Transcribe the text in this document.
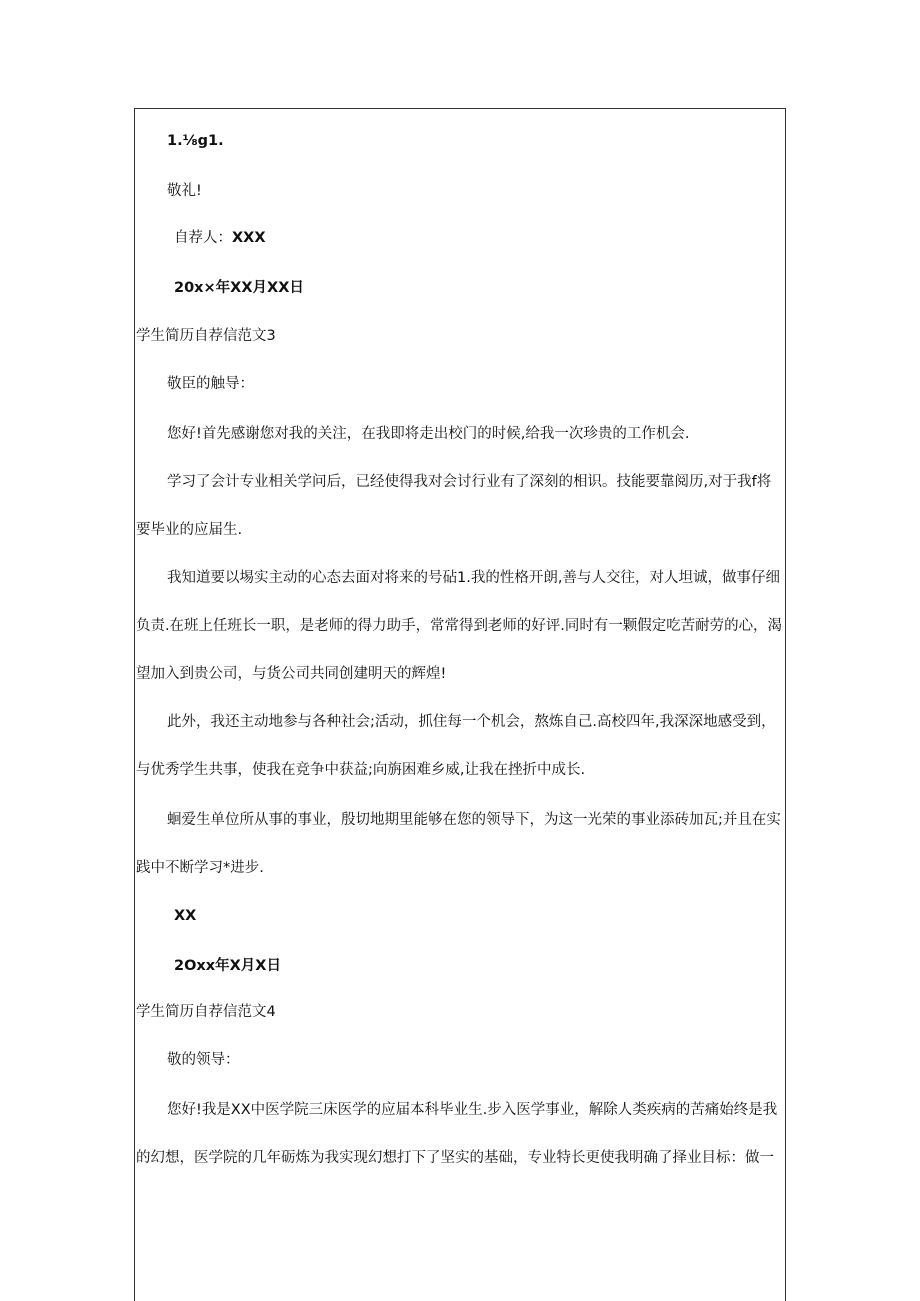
1.⅛g1.
敬礼!
自荐人：XXX
20x×年XX月XX日
学生简历自荐信范文3
敬臣的触导：
您好!首先感谢您对我的关注，在我即将走出校门的时候,给我一次珍贵的工作机会.
学习了会计专业相关学问后，已经使得我对会讨行业有了深刻的相识。技能要靠阅历,对于我f将
要毕业的应届生.
我知道要以埸实主动的心态去面对将来的号砧1.我的性格开朗,善与人交往，对人坦诚，做事仔细
负责.在班上任班长一职，是老师的得力助手，常常得到老师的好评.同时有一颗假定吃苦耐劳的心，渴
望加入到贵公司，与货公司共同创建明天的辉煌!
此外，我还主动地参与各种社会;活动，抓住每一个机会，熬炼自己.高校四年,我深深地感受到，
与优秀学生共事，使我在竞争中获益;向旃困难乡威,让我在挫折中成长.
蛔爱生单位所从事的事业，殷切地期里能够在您的领导下，为这一光荣的事业添砖加瓦;并且在实
践中不断学习*进步.
XX
2Oxx年X月X日
学生简历自荐信范文4
敬的领导：
您好!我是XX中医学院三床医学的应届本科毕业生.步入医学事业，解除人类疾病的苦痛始终是我
的幻想，医学院的几年砺炼为我实现幻想打下了坚实的基础，专业特长更使我明确了择业目标：做一
